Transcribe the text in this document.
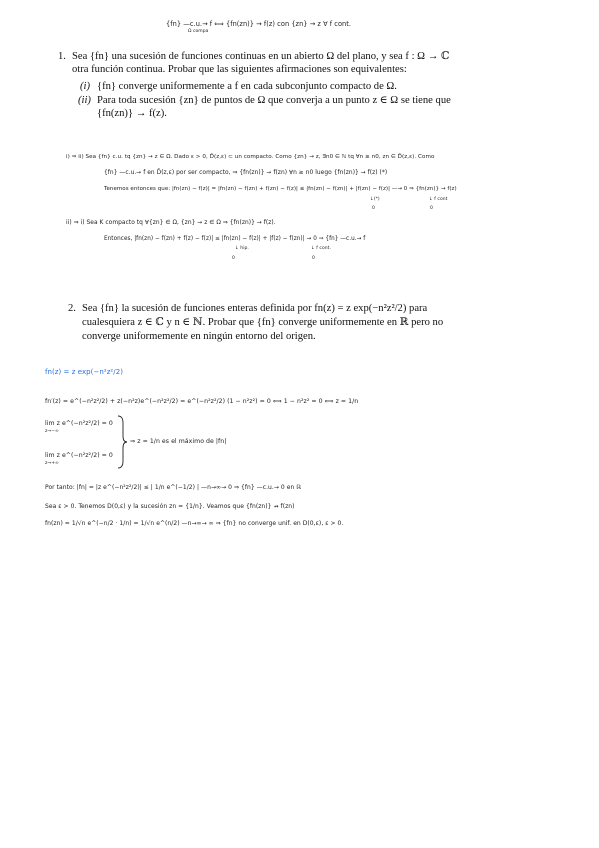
{fn} —c.u.→ f ⟺ {fn(zn)} → f(z) con {zn} → z ∀ f cont.
Ω compa
1. Sea {fn} una sucesión de funciones continuas en un abierto Ω del plano, y sea f : Ω → ℂ
otra función continua. Probar que las siguientes afirmaciones son equivalentes:
(i) {fn} converge uniformemente a f en cada subconjunto compacto de Ω.
(ii) Para toda sucesión {zn} de puntos de Ω que converja a un punto z ∈ Ω se tiene que
{fn(zn)} → f(z).
i) ⇒ ii) Sea {fn} c.u. tq {zn} → z ∈ Ω. Dado ε > 0, D̄(z,ε) ⊂ un compacto. Como {zn} → z, ∃n0 ∈ ℕ tq ∀n ≥ n0, zn ∈ D̄(z,ε). Como
{fn} —c.u.→ f en D̄(z,ε) por ser compacto, ⇒ {fn(zn)} → f(zn) ∀n ≥ n0 luego {fn(zn)} → f(z) (*)
Tenemos entonces que: |fn(zn) − f(z)| = |fn(zn) − f(zn) + f(zn) − f(z)| ≤ |fn(zn) − f(zn)| + |f(zn) − f(z)| —→ 0 ⇒ {fn(zn)} → f(z)
↓(*)
0
↓ f cont
0
ii) ⇒ i) Sea K compacto tq ∀{zn} ∈ Ω, {zn} → z ∈ Ω ⇒ {fn(zn)} → f(z).
Entonces, |fn(zn) − f(zn) + f(z) − f(z)| ≤ |fn(zn) − f(z)| + |f(z) − f(zn)| → 0 ⇒ {fn} —c.u.→ f
↓ hip.
0
↓ f cont.
0
2. Sea {fn} la sucesión de funciones enteras definida por fn(z) = z exp(−n²z²/2) para
cualesquiera z ∈ ℂ y n ∈ ℕ. Probar que {fn} converge uniformemente en ℝ pero no
converge uniformemente en ningún entorno del origen.
fn(z) = z exp(−n²z²/2)
fn′(z) = e^(−n²z²/2) + z(−n²z)e^(−n²z²/2) = e^(−n²z²/2) (1 − n²z²) = 0 ⟺ 1 − n²z² = 0 ⟺ z = 1/n
lim z e^(−n²z²/2) = 0
z→−∞
lim z e^(−n²z²/2) = 0
z→+∞
⇒ z = 1/n es el máximo de |fn|
Por tanto: |fn| = |z e^(−n²z²/2)| ≤ | 1/n e^(−1/2) | —n→∞→ 0 ⇒ {fn} —c.u.→ 0 en ℝ
Sea ε > 0. Tenemos D(0,ε) y la sucesión zn = {1/n}. Veamos que {fn(zn)} ↛ f(zn)
fn(zn) = 1/√n e^(−n/2 · 1/n) = 1/√n e^(n/2) —n→∞→ ∞ ⇒ {fn} no converge unif. en D(0,ε), ε > 0.
